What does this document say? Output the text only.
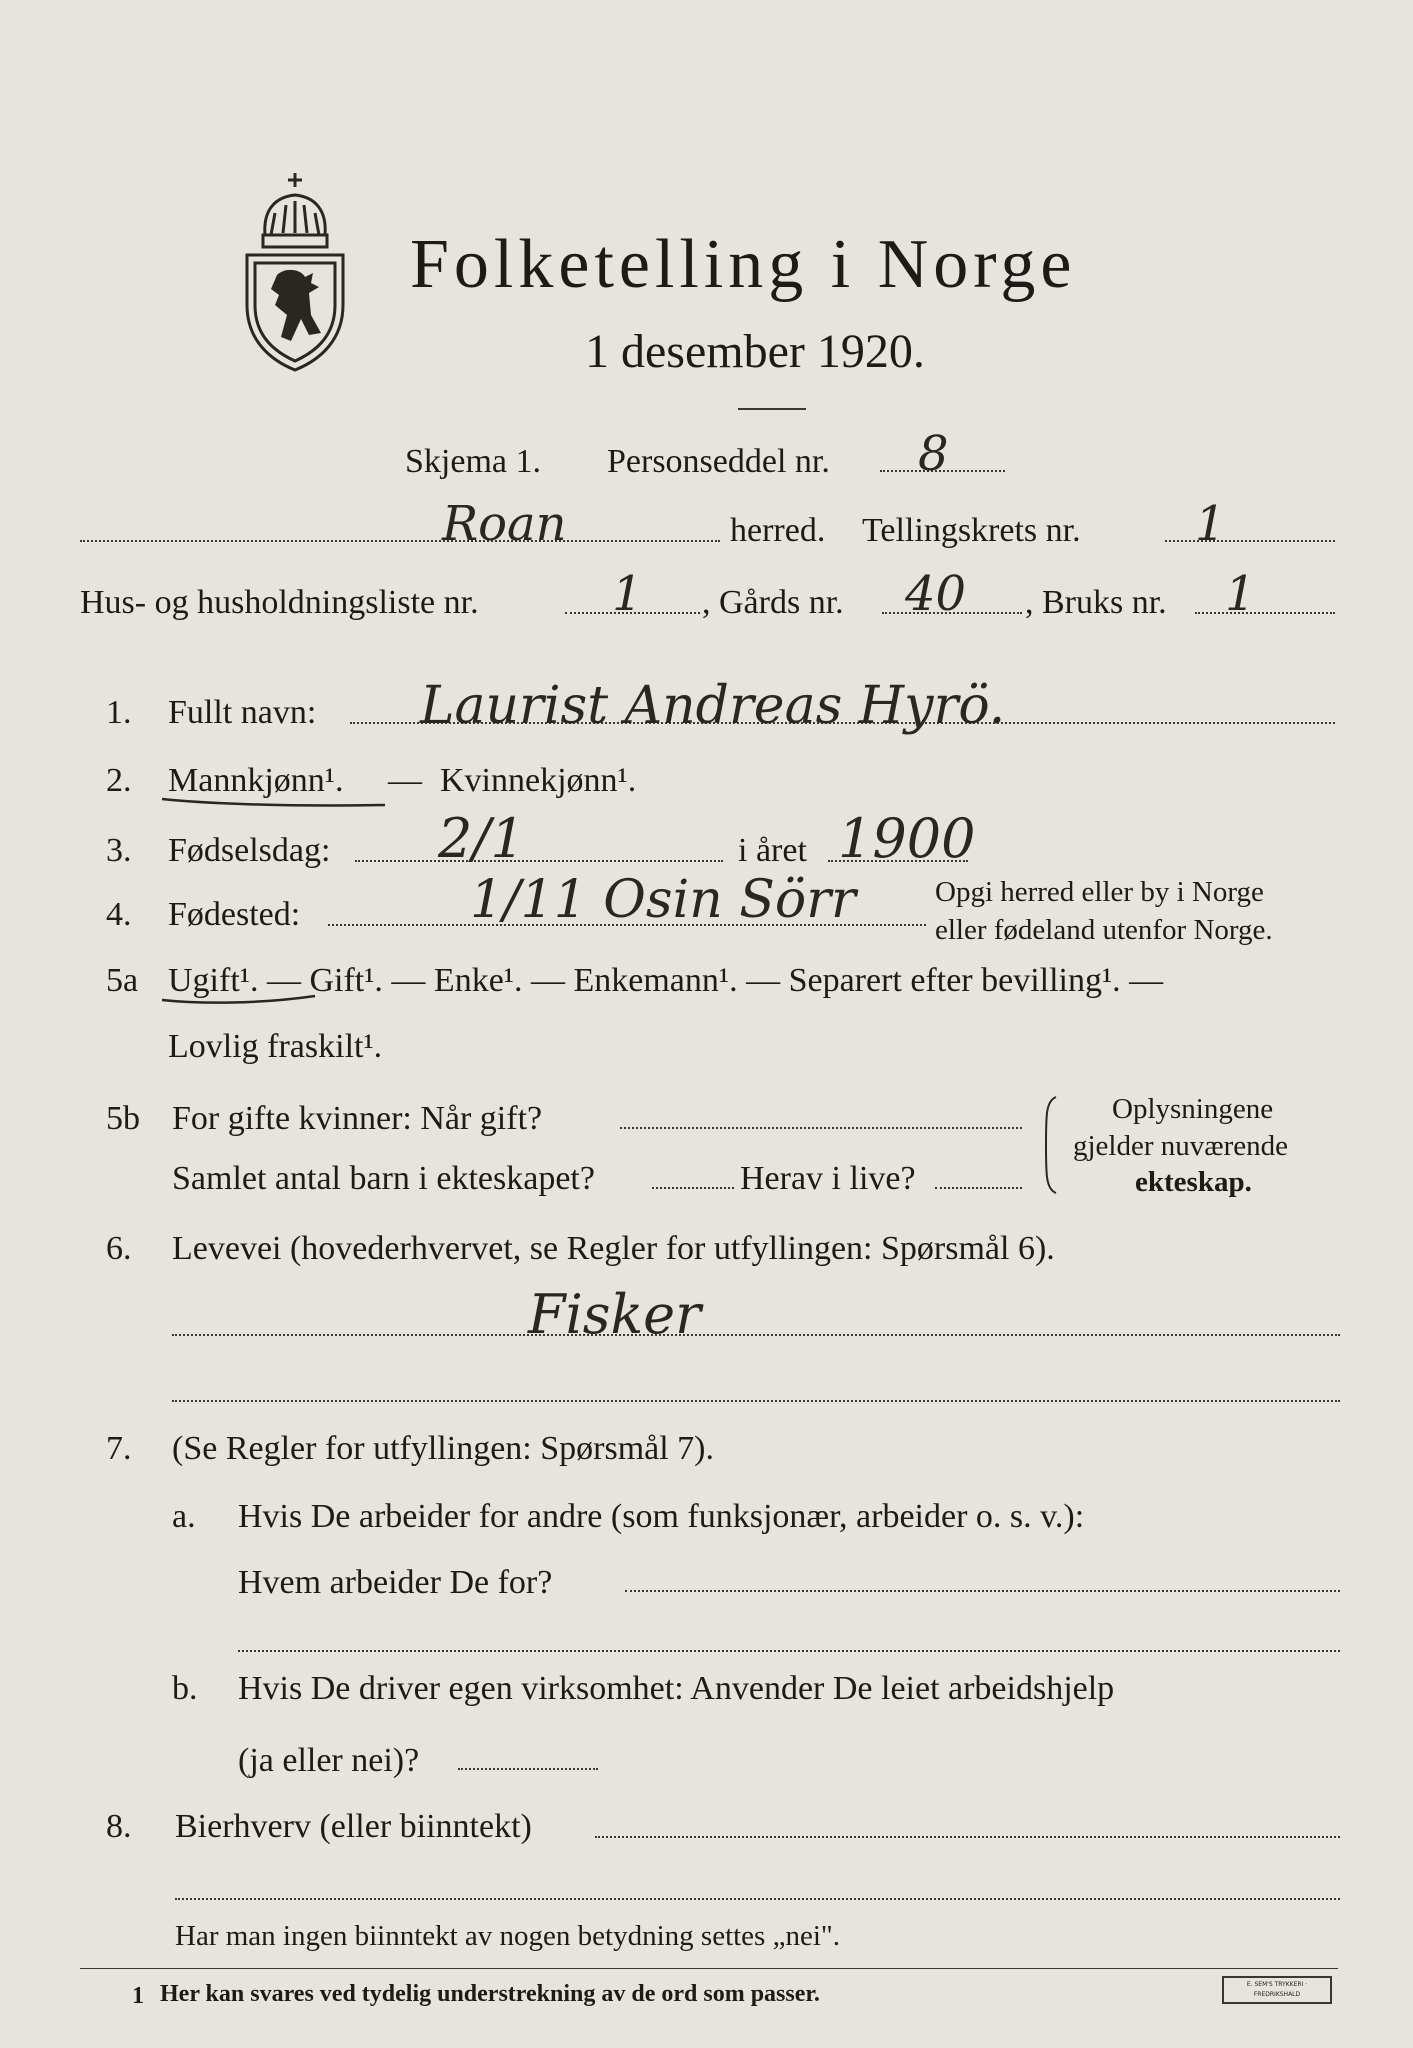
Folketelling i Norge
1 desember 1920.
Skjema 1. Personseddel nr. 8
Roan	herred. Tellingskrets nr. 1
Hus- og husholdningsliste nr.	1 , Gårds nr. 40 , Bruks nr. 1
1. Fullt navn: Laurist Andreas Hyrö.
2. Mannkjønn¹. — Kvinnekjønn¹.
3. Fødselsdag: 2/1	i året 1900
4. Fødested:	1/11 Osin Sörr	Opgi herred eller by i Norge
eller fødeland utenfor Norge.
5a Ugift¹. — Gift¹. — Enke¹. — Enkemann¹. — Separert efter bevilling¹. —
Lovlig fraskilt¹.
5b For gifte kvinner: Når gift?
Samlet antal barn i ekteskapet?	Herav i live?
Oplysningene
gjelder nuværende
ekteskap.
6. Levevei (hovederhvervet, se Regler for utfyllingen: Spørsmål 6).
Fisker
7. (Se Regler for utfyllingen: Spørsmål 7).
a. Hvis De arbeider for andre (som funksjonær, arbeider o. s. v.):
Hvem arbeider De for?
b. Hvis De driver egen virksomhet: Anvender De leiet arbeidshjelp
(ja eller nei)?
8. Bierhverv (eller biinntekt)
Har man ingen biinntekt av nogen betydning settes „nei".
1 Her kan svares ved tydelig understrekning av de ord som passer.	E. SEM'S TRYKKERI · FREDRIKSHALD
